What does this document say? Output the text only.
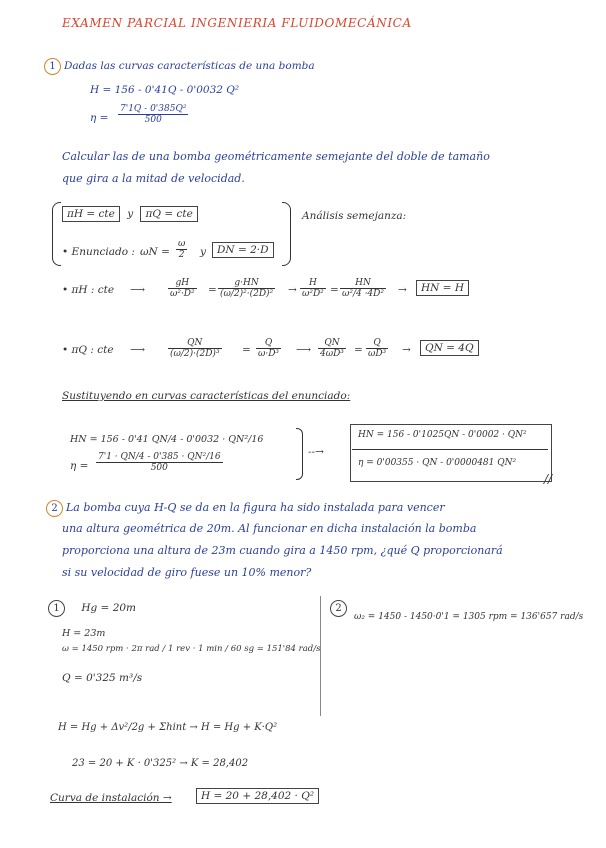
EXAMEN PARCIAL INGENIERIA FLUIDOMECÁNICA
1 Dadas las curvas características de una bomba
H = 156 - 0'41Q - 0'0032 Q²
$\eta = \frac{\text{7'1Q - 0'385Q²}}{500}$
Calcular las de una bomba geométricamente semejante del doble de tamaño
que gira a la mitad de velocidad.
πH = cte y πQ = cte	Análisis semejanza:
• Enunciado : $\omega N = \frac{\omega}{2}$ y	DN = 2·D
• πH : cte ⟶	$\frac{gH}{\text{ω²·D²}} = \frac{g\cdot HN}{\text{(ω/2)²·(2D)²}} \to \frac{H}{\text{ω²D²}} = \frac{HN}{\text{ω²/4 ·4D²}}$ →	HN = H
• πQ : cte ⟶	$\frac{QN}{\text{(ω/2)·(2D)³}} = \frac{Q}{\text{ω·D³}}$ ⟶ $\frac{QN}{\text{4ωD³}} = \frac{Q}{\text{ωD³}}$ →	QN = 4Q
Sustituyendo en curvas características del enunciado:
HN = 156 - 0'41 QN/4 - 0'0032 · QN²/16
$\eta = \frac{\text{7'1 · QN/4 - 0'385 · QN²/16}}{500}$	--→
HN = 156 - 0'1025QN - 0'0002 · QN²
η = 0'00355 · QN - 0'0000481 QN²
//
2 La bomba cuya H-Q se da en la figura ha sido instalada para vencer
una altura geométrica de 20m. Al funcionar en dicha instalación la bomba
proporciona una altura de 23m cuando gira a 1450 rpm, ¿qué Q proporcionará
si su velocidad de giro fuese un 10% menor?
1 Hg = 20m
H = 23m
ω = 1450 rpm · 2π rad / 1 rev · 1 min / 60 sg = 151'84 rad/s
Q = 0'325 m³/s
2
ω₂ = 1450 - 1450·0'1 = 1305 rpm = 136'657 rad/s
H = Hg + Δv²/2g + Σhint → H = Hg + K·Q²
23 = 20 + K · 0'325² → K = 28,402
Curva de instalación →	H = 20 + 28,402 · Q²
